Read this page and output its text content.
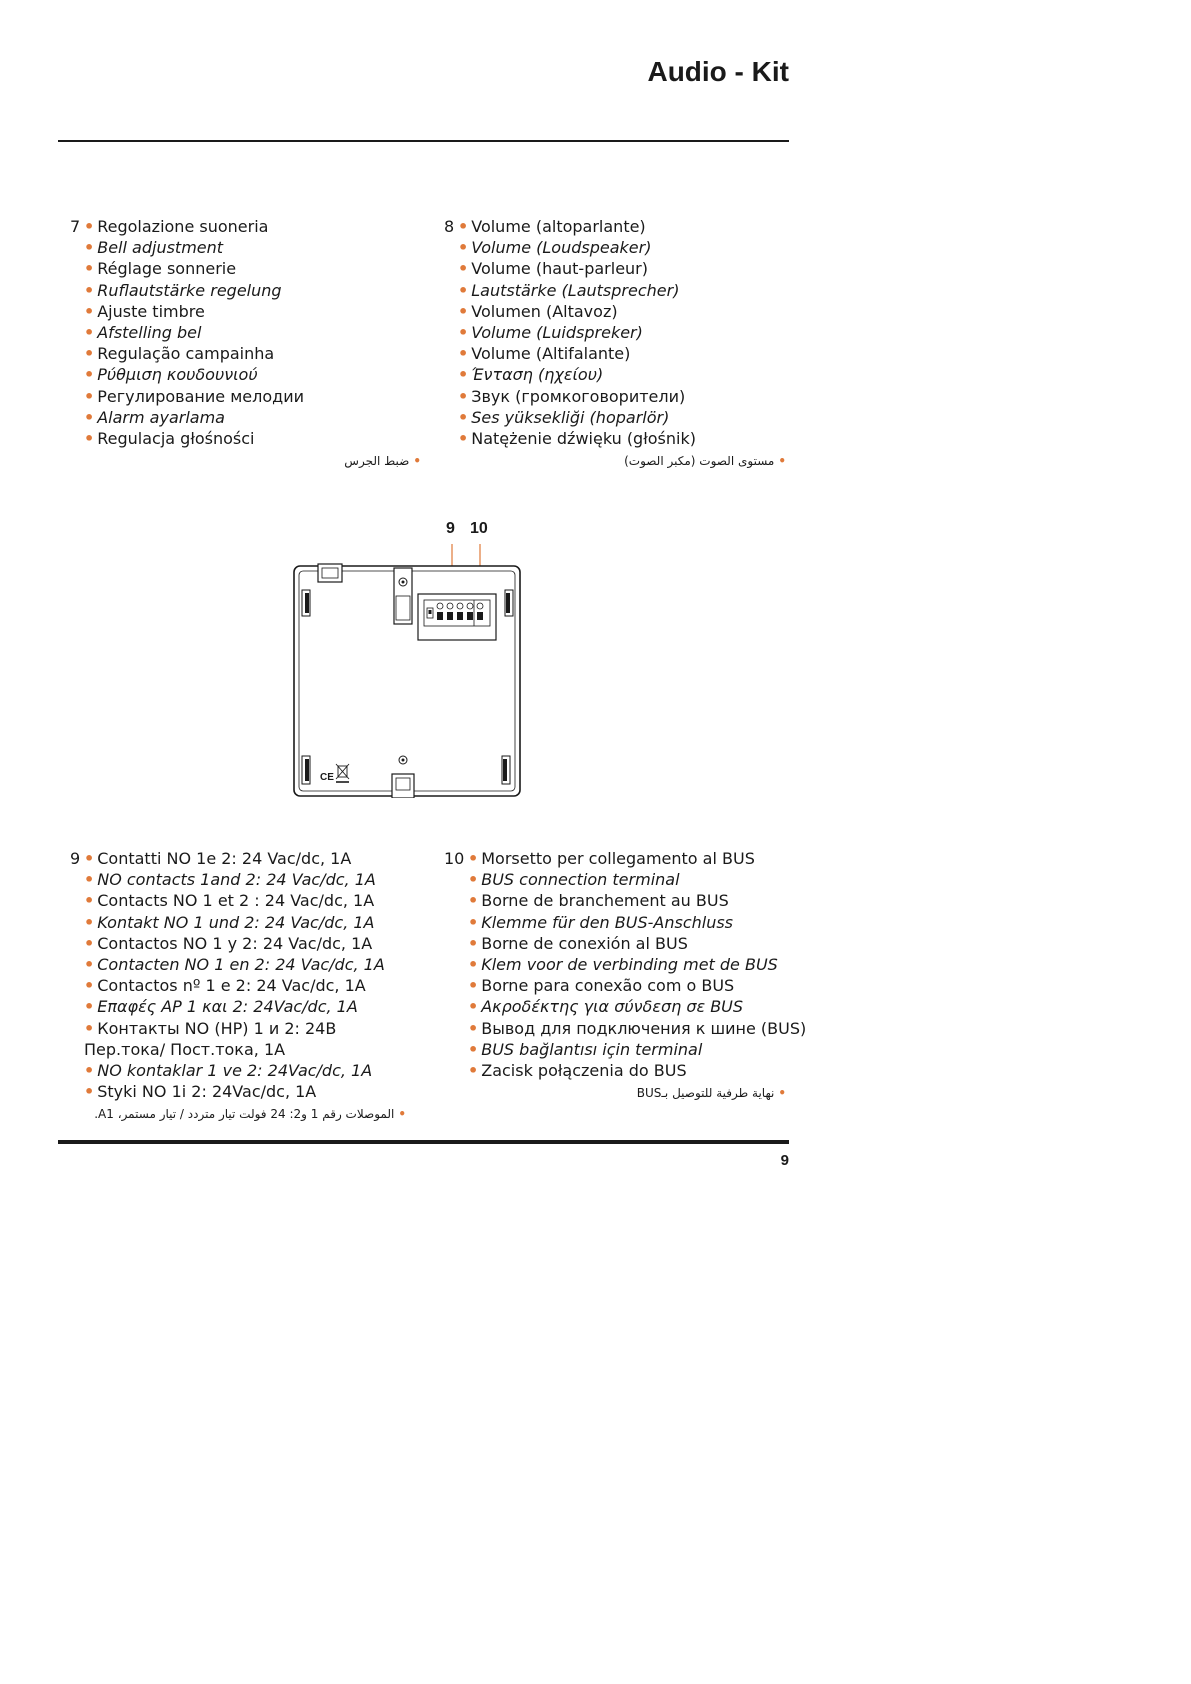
Audio - Kit
7 • Regolazione suoneria
• Bell adjustment
• Réglage sonnerie
• Ruflautstärke regelung
• Ajuste timbre
• Afstelling bel
• Regulação campainha
• Ρύθμιση κουδουνιού
• Регулирование мелодии
• Alarm ayarlama
• Regulacja głośności
•ضبط الجرس
8 • Volume (altoparlante)
• Volume (Loudspeaker)
• Volume (haut-parleur)
• Lautstärke (Lautsprecher)
• Volumen (Altavoz)
• Volume (Luidspreker)
• Volume (Altifalante)
• Ένταση (ηχείου)
• Звук (громкоговорители)
• Ses yüksekliği (hoparlör)
• Natężenie dźwięku (głośnik)
•مستوى الصوت (مكبر الصوت)
9 10
CE
9 • Contatti NO 1e 2: 24 Vac/dc, 1A
• NO contacts 1and 2: 24 Vac/dc, 1A
• Contacts NO 1 et 2 : 24 Vac/dc, 1A
• Kontakt NO 1 und 2: 24 Vac/dc, 1A
• Contactos NO 1 y 2: 24 Vac/dc, 1A
• Contacten NO 1 en 2: 24 Vac/dc, 1A
• Contactos nº 1 e 2: 24 Vac/dc, 1A
• Επαφές AP 1 και 2: 24Vac/dc, 1A
• Контакты NO (НР) 1 и 2: 24В Пер.тока/ Пост.тока, 1А
• NO kontaklar 1 ve 2: 24Vac/dc, 1A
• Styki NO 1i 2: 24Vac/dc, 1A
•الموصلات رقم 1 و2: 24 فولت تيار متردد / تيار مستمر، A1.
10 • Morsetto per collegamento al BUS
• BUS connection terminal
• Borne de branchement au BUS
• Klemme für den BUS-Anschluss
• Borne de conexión al BUS
• Klem voor de verbinding met de BUS
• Borne para conexão com o BUS
• Ακροδέκτης για σύνδεση σε BUS
• Вывод для подключения к шине (BUS)
• BUS bağlantısı için terminal
• Zacisk połączenia do BUS
•نهاية طرفية للتوصيل بـBUS
9
